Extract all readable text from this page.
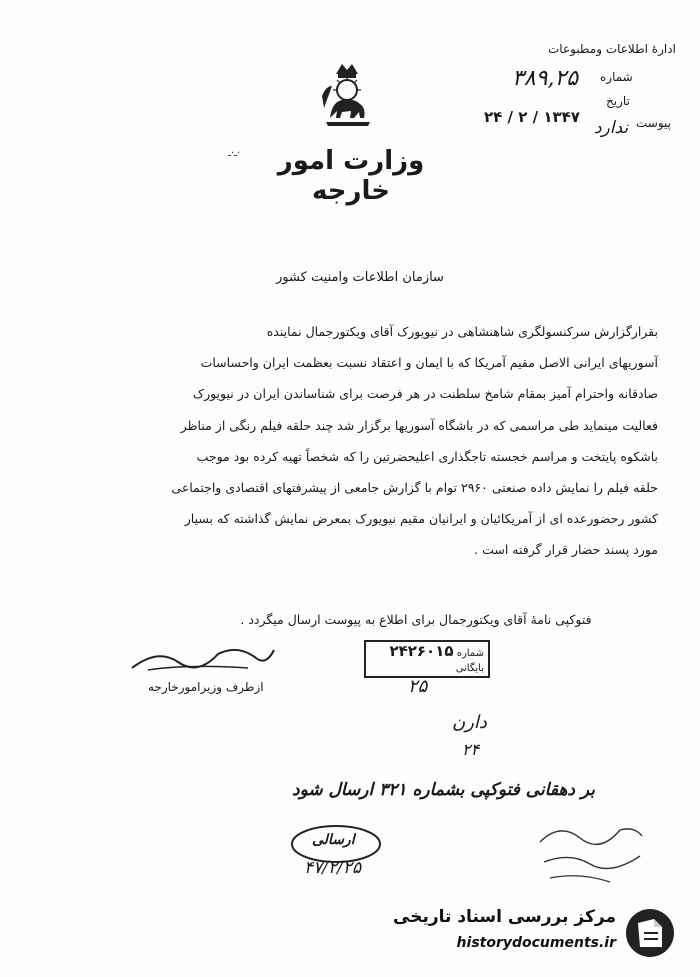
ادارهٔ اطلاعات ومطبوعات
شماره
۳۸۹,۲۵
تاریخ
۱۳۴۷ / ۲ / ۲۴	پیوست
ندارد
وزارت امور خارجه
سازمان اطلاعات وامنیت کشور

بقرارگزارش سرکنسولگری شاهنشاهی در نیویورک آقای ویکتورجمال نماینده

آسوریهای ایرانی الاصل مقیم آمریکا که با ایمان و اعتقاد نسبت بعظمت ایران واحساسات

صادقانه واحترام آمیز بمقام شامخ سلطنت در هر فرصت برای شناساندن ایران در نیویورک

فعالیت مینماید طی مراسمی که در باشگاه آسوریها برگزار شد چند حلقه فیلم رنگی از مناظر

باشکوه پایتخت و مراسم خجسته تاجگذاری اعلیحضرتین را که شخصاً تهیه کرده بود موجب

حلقه فیلم را نمایش داده صنعتی ۲۹۶۰ توام با گزارش جامعی از پیشرفتهای اقتصادی واجتماعی

کشور رحضورعده ای از آمریکائیان و ایرانیان مقیم نیویورک بمعرض نمایش گذاشته که بسیار

مورد پسند حضار قرار گرفته است .

فتوکپی نامهٔ آقای ویکتورجمال برای اطلاع به پیوست ارسال میگردد .
ازطرف وزیرامورخارجه
شماره ۲۴۲۶۰۱۵
بایگانی
۲۵
دارن
۲۴
بر دهقانی فتوکپی بشماره ۳۲۱ ارسال شود
ارسالی
۴۷/۲/۲۵
ـ·ـ·
مرکز بررسی اسناد تاریخی
historydocuments.ir
